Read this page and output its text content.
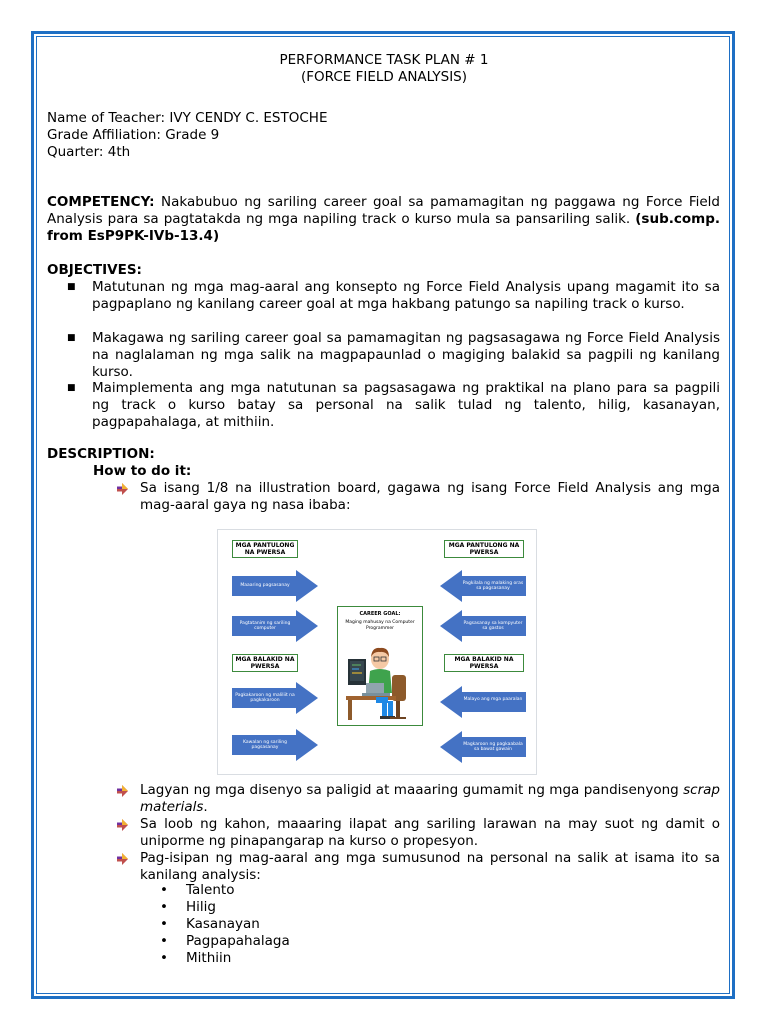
PERFORMANCE TASK PLAN # 1
(FORCE FIELD ANALYSIS)
Name of Teacher: IVY CENDY C. ESTOCHE
Grade Affiliation: Grade 9
Quarter: 4th
COMPETENCY: Nakabubuo ng sariling career goal sa pamamagitan ng paggawa ng Force Field Analysis para sa pagtatakda ng mga napiling track o kurso mula sa pansariling salik. (sub.comp. from EsP9PK-IVb-13.4)
OBJECTIVES:
■ Matutunan ng mga mag-aaral ang konsepto ng Force Field Analysis upang magamit ito sa pagpaplano ng kanilang career goal at mga hakbang patungo sa napiling track o kurso.
■ Makagawa ng sariling career goal sa pamamagitan ng pagsasagawa ng Force Field Analysis na naglalaman ng mga salik na magpapaunlad o magiging balakid sa pagpili ng kanilang kurso.
■ Maimplementa ang mga natutunan sa pagsasagawa ng praktikal na plano para sa pagpili ng track o kurso batay sa personal na salik tulad ng talento, hilig, kasanayan, pagpapahalaga, at mithiin.
DESCRIPTION:
How to do it:
Sa isang 1/8 na illustration board, gagawa ng isang Force Field Analysis ang mga mag-aaral gaya ng nasa ibaba:
MGA PANTULONG NA PWERSA
MGA PANTULONG NA PWERSA
MGA BALAKID NA PWERSA
MGA BALAKID NA PWERSA
Maaaring pagsasanay
Pagtatanim ng sariling computer
Pagkakaroon ng maliliit na pagkakaroon
Kawalan ng sariling pagsasanay
Pagkilala ng malaking oras sa pagsasanay
Pagsasanay sa kompyuter sa gastos
Malayo ang mga paaralan
Magkaroon ng pagkaabala sa bawat gawain
CAREER GOAL:
Maging mahusay na Computer Programmer
Lagyan ng mga disenyo sa paligid at maaaring gumamit ng mga pandisenyong scrap materials.
Sa loob ng kahon, maaaring ilapat ang sariling larawan na may suot ng damit o uniporme ng pinapangarap na kurso o propesyon.
Pag-isipan ng mag-aaral ang mga sumusunod na personal na salik at isama ito sa kanilang analysis:
• Talento
• Hilig
• Kasanayan
• Pagpapahalaga
• Mithiin
